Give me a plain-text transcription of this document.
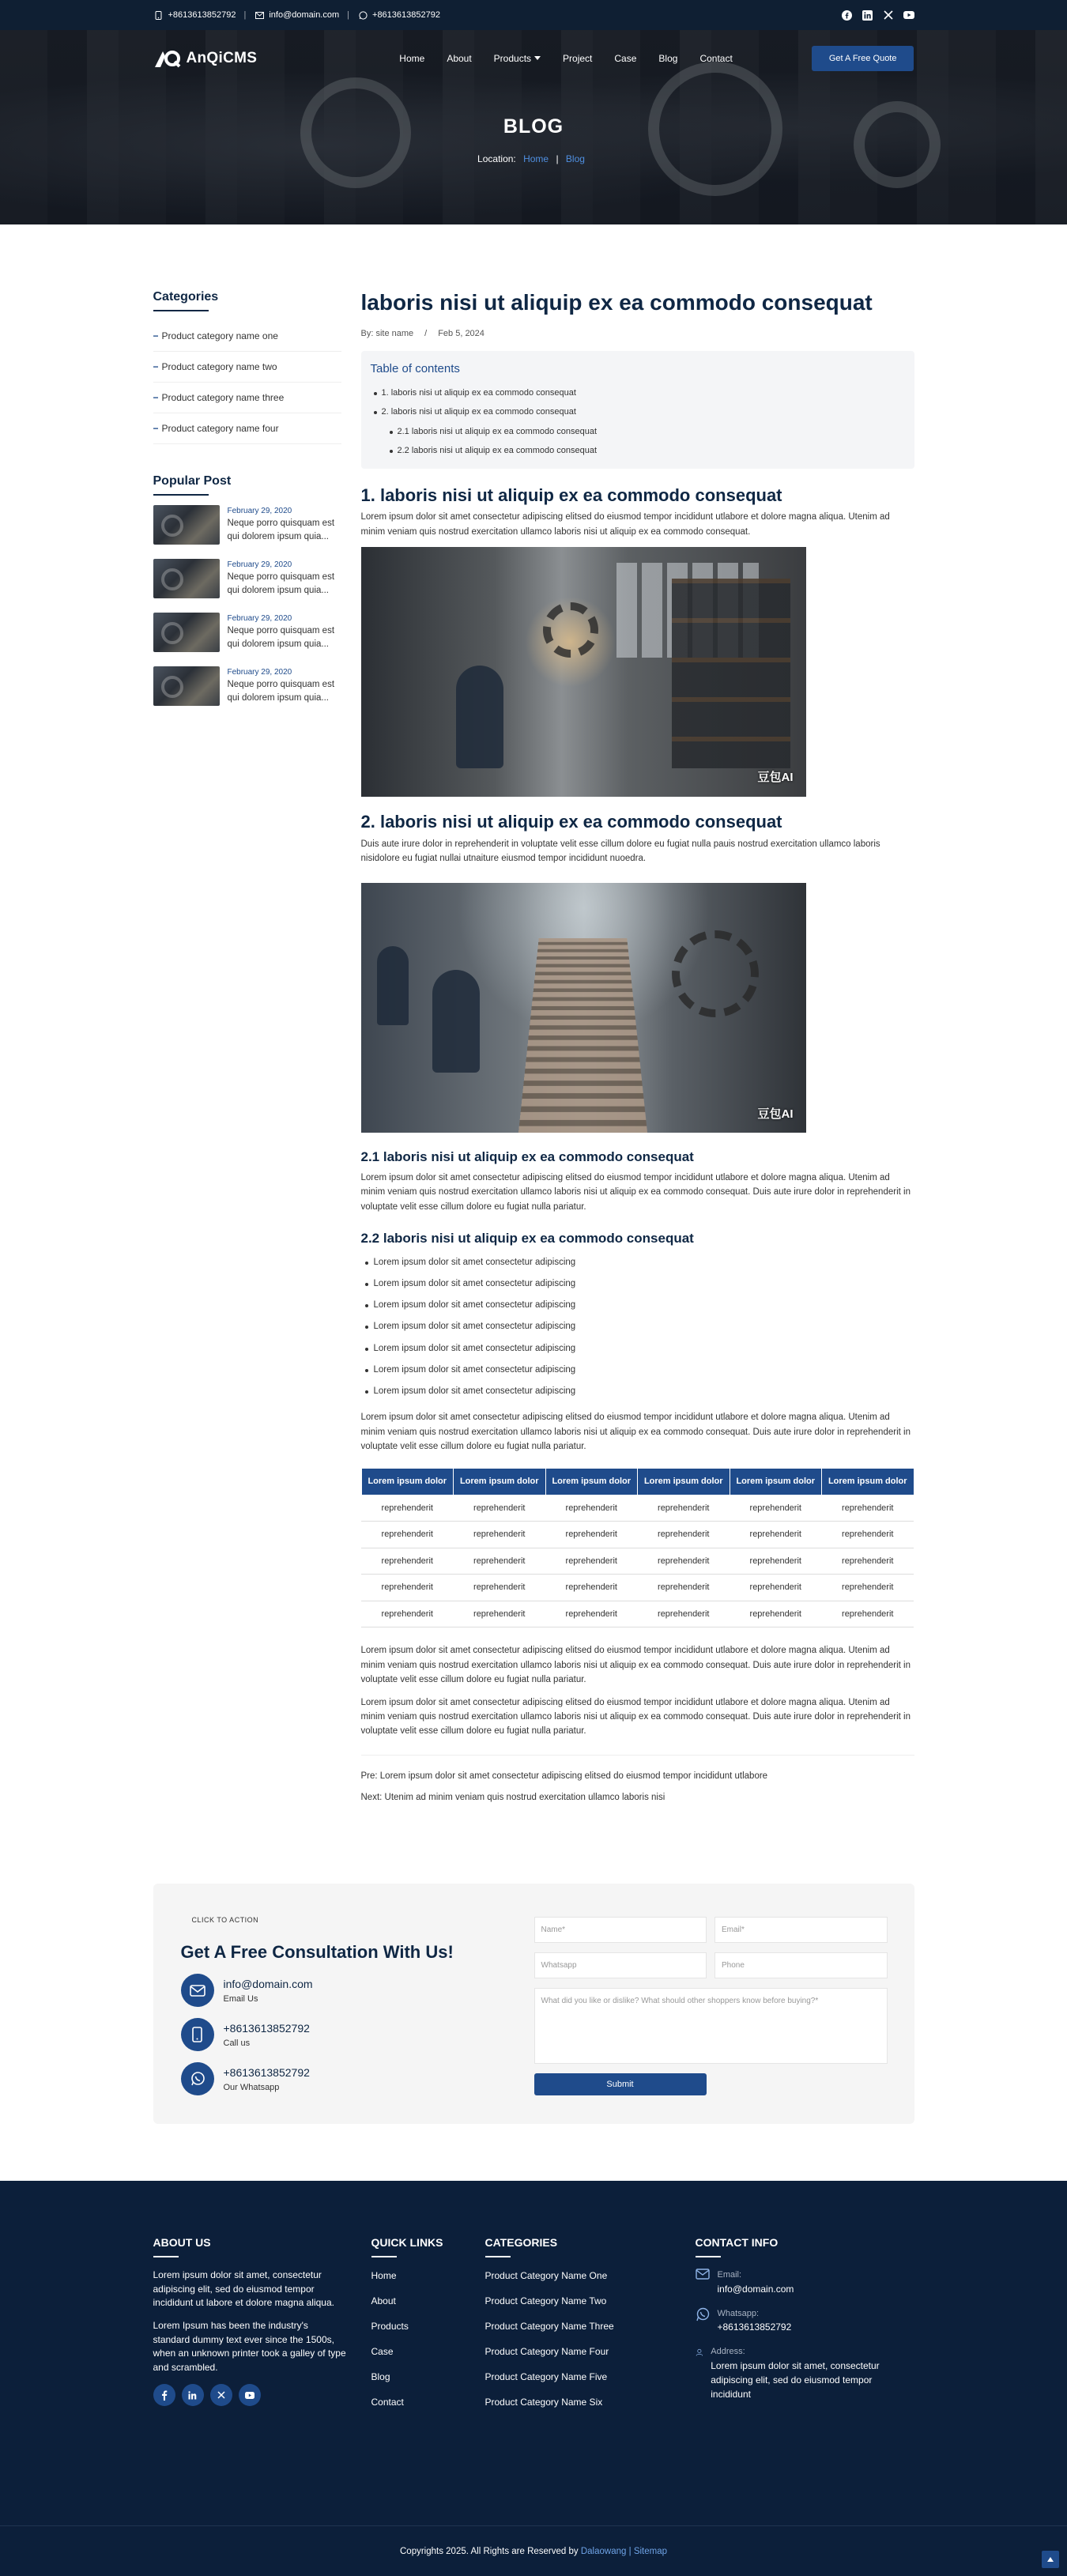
+8613613852792 |	info@domain.com |	+8613613852792
AnQiCMS	Home About Products	Project Case Blog Contact	Get A Free Quote
BLOG
Location: Home | Blog
Categories
− Product category name one
− Product category name two
− Product category name three
− Product category name four
Popular Post
February 29, 2020
Neque porro quisquam est qui dolorem ipsum quia...
February 29, 2020
Neque porro quisquam est qui dolorem ipsum quia...
February 29, 2020
Neque porro quisquam est qui dolorem ipsum quia...
February 29, 2020
Neque porro quisquam est qui dolorem ipsum quia...
laboris nisi ut aliquip ex ea commodo consequat
By: site name / Feb 5, 2024
Table of contents
1. laboris nisi ut aliquip ex ea commodo consequat
2. laboris nisi ut aliquip ex ea commodo consequat
2.1 laboris nisi ut aliquip ex ea commodo consequat
2.2 laboris nisi ut aliquip ex ea commodo consequat
1. laboris nisi ut aliquip ex ea commodo consequat

Lorem ipsum dolor sit amet consectetur adipiscing elitsed do eiusmod tempor incididunt utlabore et dolore magna aliqua. Utenim ad minim veniam quis nostrud exercitation ullamco laboris nisi ut aliquip ex ea commodo consequat.

豆包AI
2. laboris nisi ut aliquip ex ea commodo consequat

Duis aute irure dolor in reprehenderit in voluptate velit esse cillum dolore eu fugiat nulla pauis nostrud exercitation ullamco laboris nisidolore eu fugiat nullai utnaiture eiusmod tempor incididunt nuoedra.

豆包AI
2.1 laboris nisi ut aliquip ex ea commodo consequat

Lorem ipsum dolor sit amet consectetur adipiscing elitsed do eiusmod tempor incididunt utlabore et dolore magna aliqua. Utenim ad minim veniam quis nostrud exercitation ullamco laboris nisi ut aliquip ex ea commodo consequat. Duis aute irure dolor in reprehenderit in voluptate velit esse cillum dolore eu fugiat nulla pariatur.

2.2 laboris nisi ut aliquip ex ea commodo consequat
Lorem ipsum dolor sit amet consectetur adipiscing
Lorem ipsum dolor sit amet consectetur adipiscing
Lorem ipsum dolor sit amet consectetur adipiscing
Lorem ipsum dolor sit amet consectetur adipiscing
Lorem ipsum dolor sit amet consectetur adipiscing
Lorem ipsum dolor sit amet consectetur adipiscing
Lorem ipsum dolor sit amet consectetur adipiscing

Lorem ipsum dolor sit amet consectetur adipiscing elitsed do eiusmod tempor incididunt utlabore et dolore magna aliqua. Utenim ad minim veniam quis nostrud exercitation ullamco laboris nisi ut aliquip ex ea commodo consequat. Duis aute irure dolor in reprehenderit in voluptate velit esse cillum dolore eu fugiat nulla pariatur.

Lorem ipsum dolor	Lorem ipsum dolor	Lorem ipsum dolor	Lorem ipsum dolor	Lorem ipsum dolor	Lorem ipsum dolor
reprehenderit	reprehenderit	reprehenderit	reprehenderit	reprehenderit	reprehenderit
reprehenderit	reprehenderit	reprehenderit	reprehenderit	reprehenderit	reprehenderit
reprehenderit	reprehenderit	reprehenderit	reprehenderit	reprehenderit	reprehenderit
reprehenderit	reprehenderit	reprehenderit	reprehenderit	reprehenderit	reprehenderit
reprehenderit	reprehenderit	reprehenderit	reprehenderit	reprehenderit	reprehenderit

Lorem ipsum dolor sit amet consectetur adipiscing elitsed do eiusmod tempor incididunt utlabore et dolore magna aliqua. Utenim ad minim veniam quis nostrud exercitation ullamco laboris nisi ut aliquip ex ea commodo consequat. Duis aute irure dolor in reprehenderit in voluptate velit esse cillum dolore eu fugiat nulla pariatur.

Lorem ipsum dolor sit amet consectetur adipiscing elitsed do eiusmod tempor incididunt utlabore et dolore magna aliqua. Utenim ad minim veniam quis nostrud exercitation ullamco laboris nisi ut aliquip ex ea commodo consequat. Duis aute irure dolor in reprehenderit in voluptate velit esse cillum dolore eu fugiat nulla pariatur.

Pre: Lorem ipsum dolor sit amet consectetur adipiscing elitsed do eiusmod tempor incididunt utlabore
Next: Utenim ad minim veniam quis nostrud exercitation ullamco laboris nisi
CLICK TO ACTION
Get A Free Consultation With Us!
info@domain.com
Email Us
+8613613852792
Call us
+8613613852792
Our Whatsapp
Name*	Email*
Whatsapp	Phone
What did you like or dislike? What should other shoppers know before buying?*
Submit
ABOUT US

Lorem ipsum dolor sit amet, consectetur adipiscing elit, sed do eiusmod tempor incididunt ut labore et dolore magna aliqua.

Lorem Ipsum has been the industry's standard dummy text ever since the 1500s, when an unknown printer took a galley of type and scrambled.

QUICK LINKS
Home
About
Products
Case
Blog
Contact
CATEGORIES
Product Category Name One
Product Category Name Two
Product Category Name Three
Product Category Name Four
Product Category Name Five
Product Category Name Six
CONTACT INFO
Email:
info@domain.com
Whatsapp:
+8613613852792
Address:
Lorem ipsum dolor sit amet, consectetur adipiscing elit, sed do eiusmod tempor incididunt
Copyrights 2025. All Rights are Reserved by Dalaowang | Sitemap
